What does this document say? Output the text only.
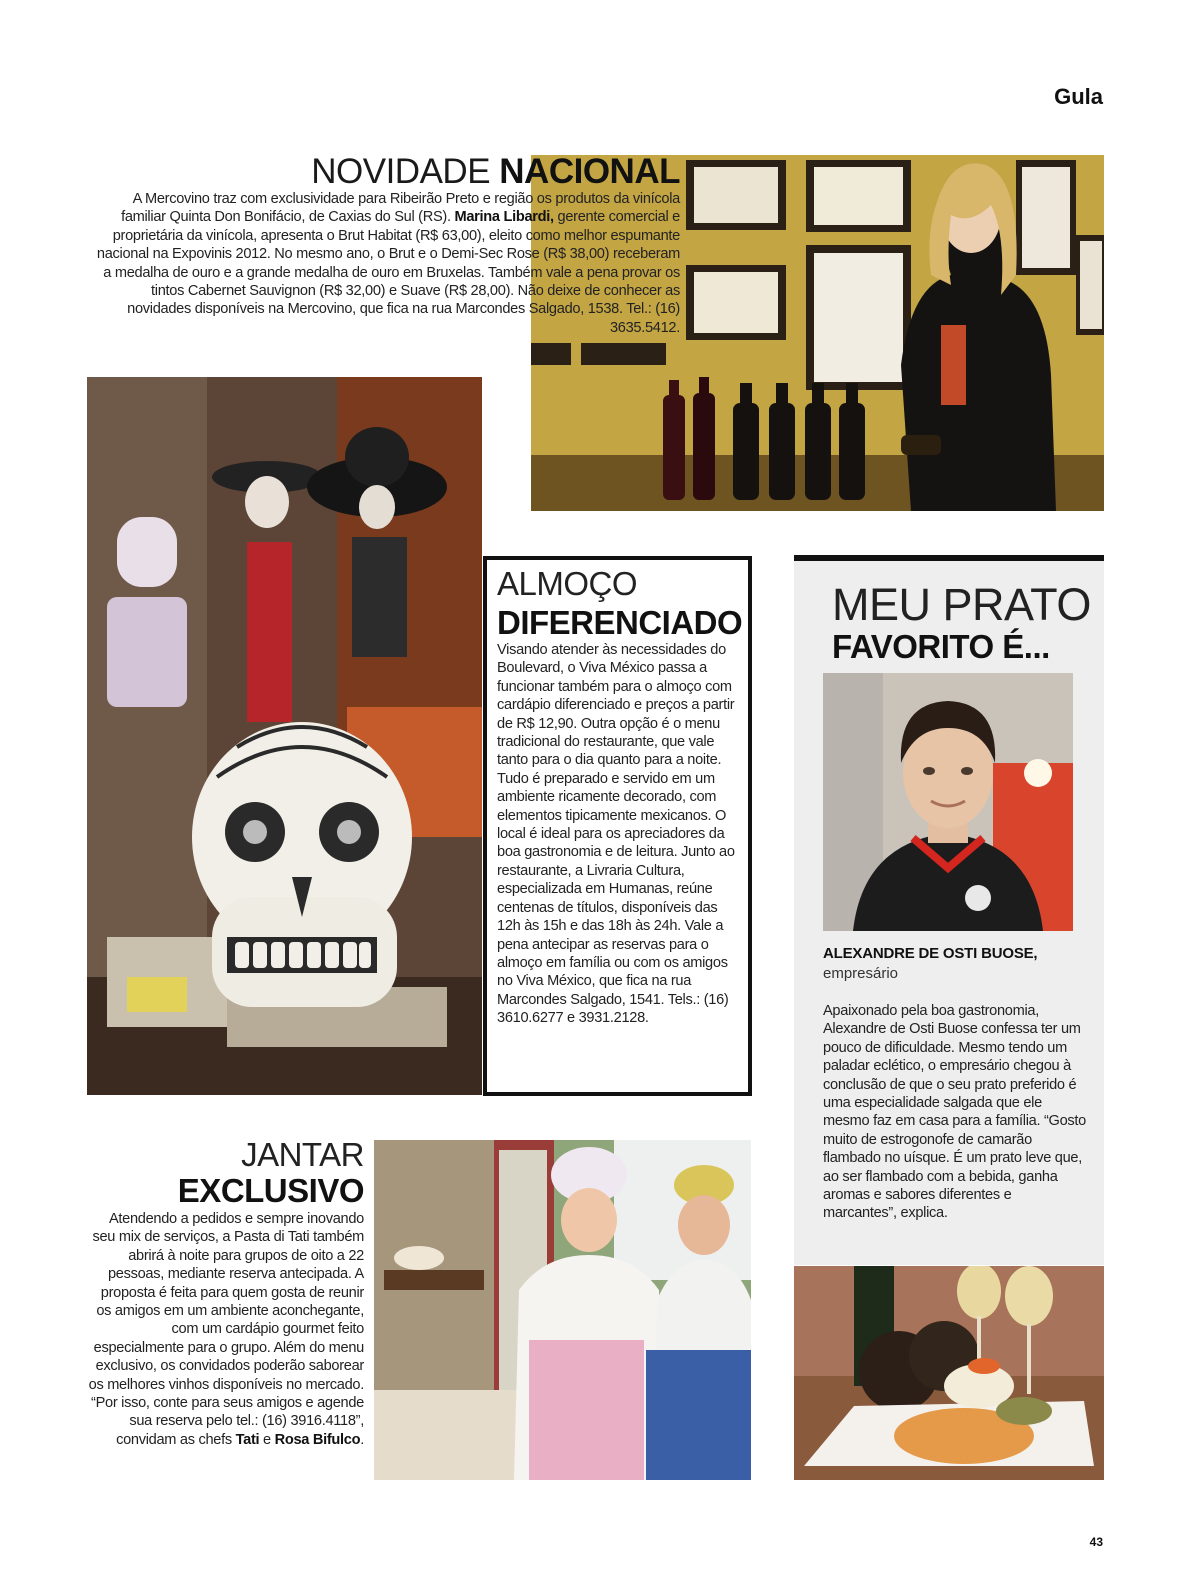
Gula
NOVIDADE NACIONAL
A Mercovino traz com exclusividade para Ribeirão Preto e região os produtos da vinícola familiar Quinta Don Bonifácio, de Caxias do Sul (RS). Marina Libardi, gerente comercial e proprietária da vinícola, apresenta o Brut Habitat (R$ 63,00), eleito como melhor espumante nacional na Expovinis 2012. No mesmo ano, o Brut e o Demi-Sec Rose (R$ 38,00) receberam a medalha de ouro e a grande medalha de ouro em Bruxelas. Também vale a pena provar os tintos Cabernet Sauvignon (R$ 32,00) e Suave (R$ 28,00). Não deixe de conhecer as novidades disponíveis na Mercovino, que fica na rua Marcondes Salgado, 1538. Tel.: (16) 3635.5412.
ALMOÇO
DIFERENCIADO
Visando atender às necessidades do Boulevard, o Viva México passa a funcionar também para o almoço com cardápio diferenciado e preços a partir de R$ 12,90. Outra opção é o menu tradicional do restaurante, que vale tanto para o dia quanto para a noite. Tudo é preparado e servido em um ambiente ricamente decorado, com elementos tipicamente mexicanos. O local é ideal para os apreciadores da boa gastronomia e de leitura. Junto ao restaurante, a Livraria Cultura, especializada em Humanas, reúne centenas de títulos, disponíveis das 12h às 15h e das 18h às 24h. Vale a pena antecipar as reservas para o almoço em família ou com os amigos no Viva México, que fica na rua Marcondes Salgado, 1541. Tels.: (16) 3610.6277 e 3931.2128.
MEU PRATO
FAVORITO É...
ALEXANDRE DE OSTI BUOSE,
empresário
Apaixonado pela boa gastronomia, Alexandre de Osti Buose confessa ter um pouco de dificuldade. Mesmo tendo um paladar eclético, o empresário chegou à conclusão de que o seu prato preferido é uma especialidade salgada que ele mesmo faz em casa para a família. “Gosto muito de estrogonofe de camarão flambado no uísque. É um prato leve que, ao ser flambado com a bebida, ganha aromas e sabores diferentes e marcantes”, explica.
JANTAR
EXCLUSIVO
Atendendo a pedidos e sempre inovando seu mix de serviços, a Pasta di Tati também abrirá à noite para grupos de oito a 22 pessoas, mediante reserva antecipada. A proposta é feita para quem gosta de reunir os amigos em um ambiente aconchegante, com um cardápio gourmet feito especialmente para o grupo. Além do menu exclusivo, os convidados poderão saborear os melhores vinhos disponíveis no mercado. “Por isso, conte para seus amigos e agende sua reserva pelo tel.: (16) 3916.4118”, convidam as chefs Tati e Rosa Bifulco.
43
